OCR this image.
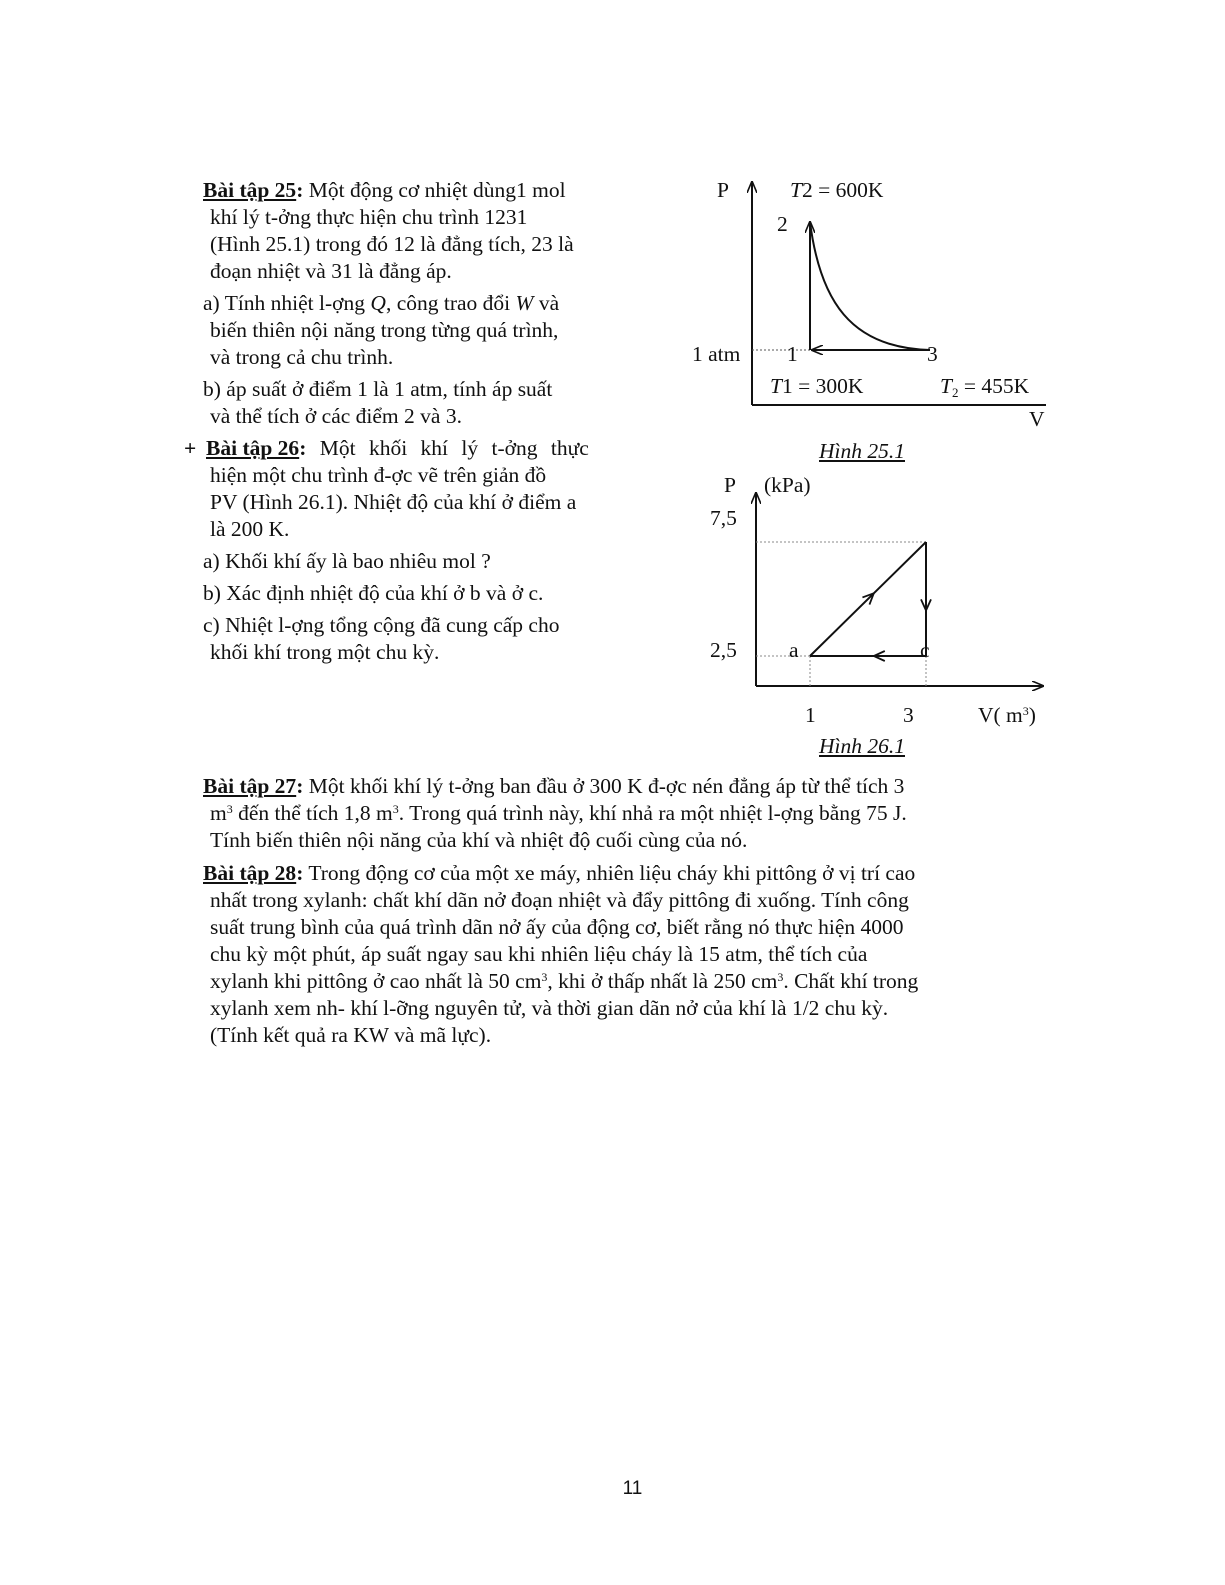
Bài tập 25: Một động cơ nhiệt dùng1 mol

khí lý t-ởng thực hiện chu trình 1231

(Hình 25.1) trong đó 12 là đẳng tích, 23 là

đoạn nhiệt và 31 là đẳng áp.

a) Tính nhiệt l-ợng Q, công trao đổi W và

biến thiên nội năng trong từng quá trình,

và trong cả chu trình.

b) áp suất ở điểm 1 là 1 atm, tính áp suất

và thể tích ở các điểm 2 và 3.

+ Bài tập 26: Một khối khí lý t-ởng thực

hiện một chu trình đ-ợc vẽ trên giản đồ

PV (Hình 26.1). Nhiệt độ của khí ở điểm a

là 200 K.

a) Khối khí ấy là bao nhiêu mol ?

b) Xác định nhiệt độ của khí ở b và ở c.

c) Nhiệt l-ợng tổng cộng đã cung cấp cho

khối khí trong một chu kỳ.

P	T2 = 600K
2
1 atm 1	3
T1 = 300K	$T_2 = 455K$
V
Hình 25.1
P (kPa)
7,5
2,5 a	c
1	3	V( $m^3$)
Hình 26.1

Bài tập 27: Một khối khí lý t-ởng ban đầu ở 300 K đ-ợc nén đẳng áp từ thể tích 3

$m^3$ đến thể tích 1,8 $m^3$. Trong quá trình này, khí nhả ra một nhiệt l-ợng bằng 75 J.

Tính biến thiên nội năng của khí và nhiệt độ cuối cùng của nó.

Bài tập 28: Trong động cơ của một xe máy, nhiên liệu cháy khi pittông ở vị trí cao

nhất trong xylanh: chất khí dãn nở đoạn nhiệt và đẩy pittông đi xuống. Tính công

suất trung bình của quá trình dãn nở ấy của động cơ, biết rằng nó thực hiện 4000

chu kỳ một phút, áp suất ngay sau khi nhiên liệu cháy là 15 atm, thể tích của

xylanh khi pittông ở cao nhất là 50 $cm^3$, khi ở thấp nhất là 250 $cm^3$. Chất khí trong

xylanh xem nh- khí l-ỡng nguyên tử, và thời gian dãn nở của khí là 1/2 chu kỳ.

(Tính kết quả ra KW và mã lực).

11
